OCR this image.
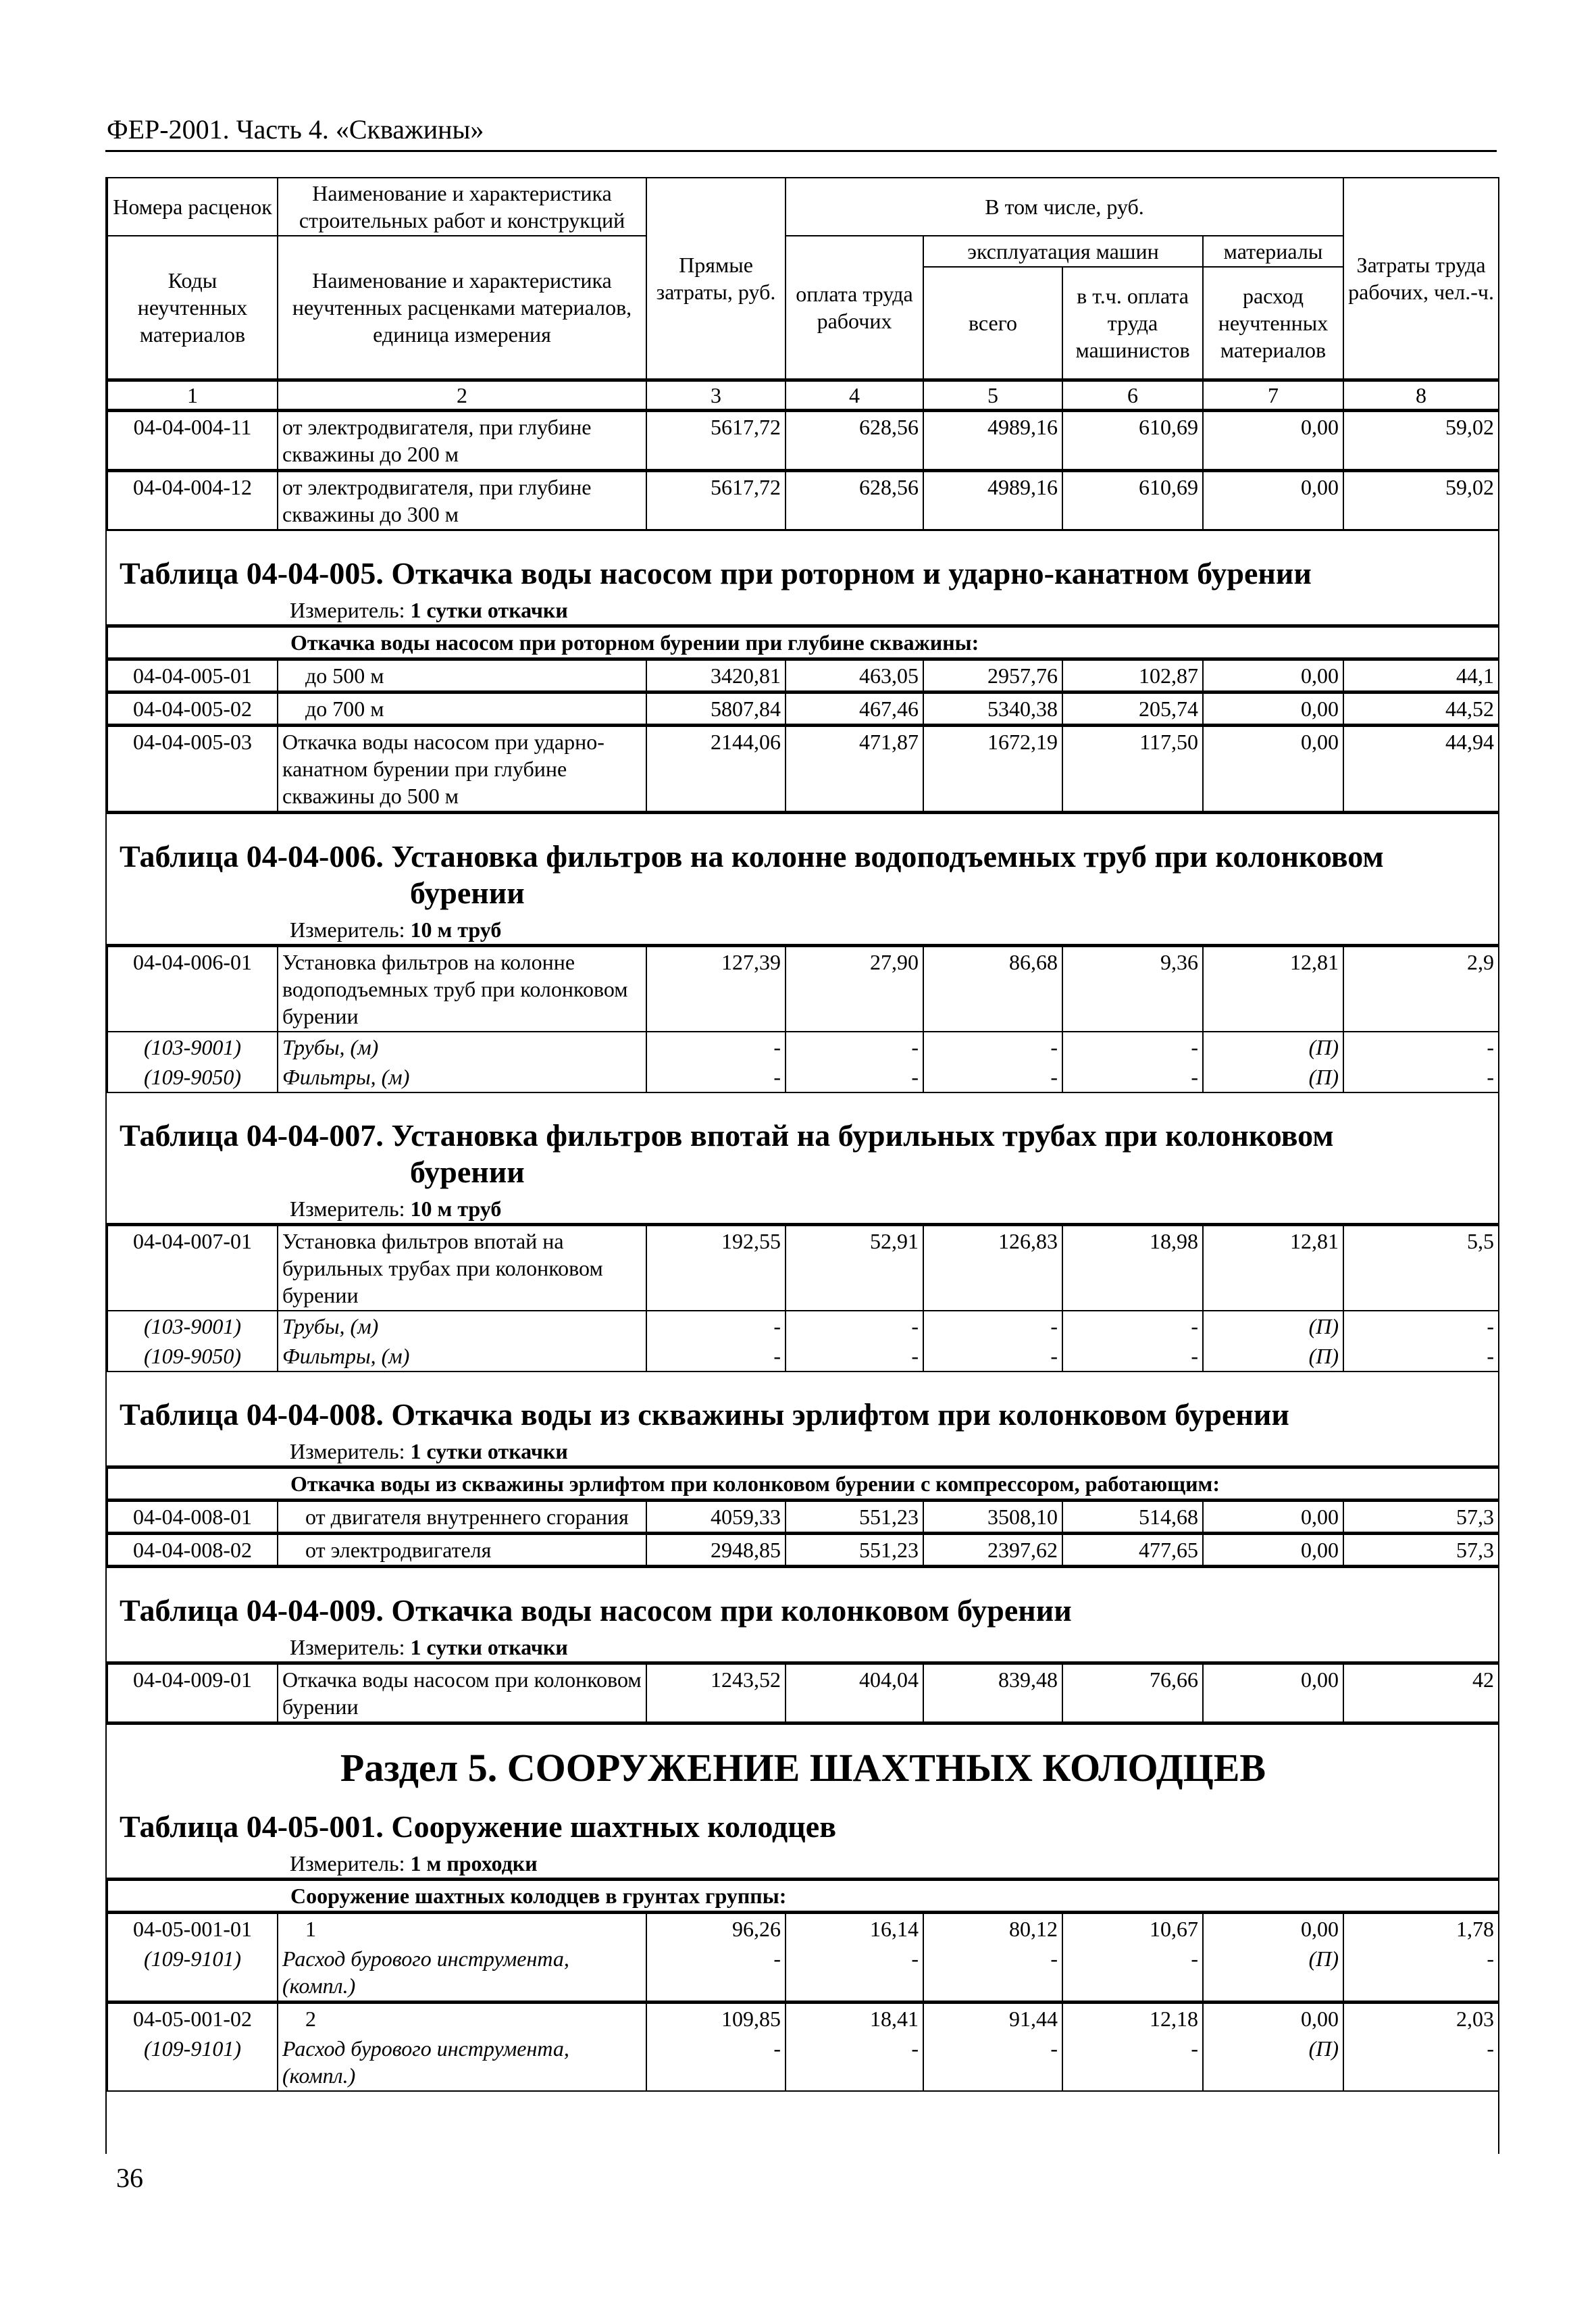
ФЕР-2001. Часть 4. «Скважины»
Номера расценок	Наименование и характеристика строительных работ и конструкций	Прямые затраты, руб.	В том числе, руб.				Затраты труда рабочих, чел.-ч.
Коды неучтенных материалов	Наименование и характеристика неучтенных расценками материалов, единица измерения		оплата труда рабочих	эксплуатация машин		материалы	
				всего	в т.ч. оплата труда машинистов	расход неучтенных материалов	
1	2	3	4	5	6	7	8
04-04-004-11	от электродвигателя, при глубине скважины до 200 м	5617,72	628,56	4989,16	610,69	0,00	59,02
04-04-004-12	от электродвигателя, при глубине скважины до 300 м	5617,72	628,56	4989,16	610,69	0,00	59,02

Таблица 04-04-005. Откачка воды насосом при роторном и ударно-канатном бурении
Измеритель: 1 сутки откачки							

Откачка воды насосом при роторном бурении при глубине скважины:							
04-04-005-01	до 500 м	3420,81	463,05	2957,76	102,87	0,00	44,1
04-04-005-02	до 700 м	5807,84	467,46	5340,38	205,74	0,00	44,52
04-04-005-03	Откачка воды насосом при ударно-канатном бурении при глубине скважины до 500 м	2144,06	471,87	1672,19	117,50	0,00	44,94

Таблица 04-04-006. Установка фильтров на колонне водоподъемных труб при колонковом
бурении
Измеритель: 10 м труб							

04-04-006-01	Установка фильтров на колонне водоподъемных труб при колонковом бурении	127,39	27,90	86,68	9,36	12,81	2,9
(103-9001)	Трубы, (м)	-	-	-	-	(П)	-
(109-9050)	Фильтры, (м)	-	-	-	-	(П)	-

Таблица 04-04-007. Установка фильтров впотай на бурильных трубах при колонковом
бурении
Измеритель: 10 м труб							

04-04-007-01	Установка фильтров впотай на бурильных трубах при колонковом бурении	192,55	52,91	126,83	18,98	12,81	5,5
(103-9001)	Трубы, (м)	-	-	-	-	(П)	-
(109-9050)	Фильтры, (м)	-	-	-	-	(П)	-

Таблица 04-04-008. Откачка воды из скважины эрлифтом при колонковом бурении
Измеритель: 1 сутки откачки							

Откачка воды из скважины эрлифтом при колонковом бурении с компрессором, работающим:							
04-04-008-01	от двигателя внутреннего сгорания	4059,33	551,23	3508,10	514,68	0,00	57,3
04-04-008-02	от электродвигателя	2948,85	551,23	2397,62	477,65	0,00	57,3

Таблица 04-04-009. Откачка воды насосом при колонковом бурении
Измеритель: 1 сутки откачки							

04-04-009-01	Откачка воды насосом при колонковом бурении	1243,52	404,04	839,48	76,66	0,00	42

Раздел 5. СООРУЖЕНИЕ ШАХТНЫХ КОЛОДЦЕВ
Таблица 04-05-001. Сооружение шахтных колодцев
Измеритель: 1 м проходки							

Сооружение шахтных колодцев в грунтах группы:							
04-05-001-01	1	96,26	16,14	80,12	10,67	0,00	1,78
(109-9101)	Расход бурового инструмента, (компл.)	-	-	-	-	(П)	-
04-05-001-02	2	109,85	18,41	91,44	12,18	0,00	2,03
(109-9101)	Расход бурового инструмента, (компл.)	-	-	-	-	(П)	-
36
